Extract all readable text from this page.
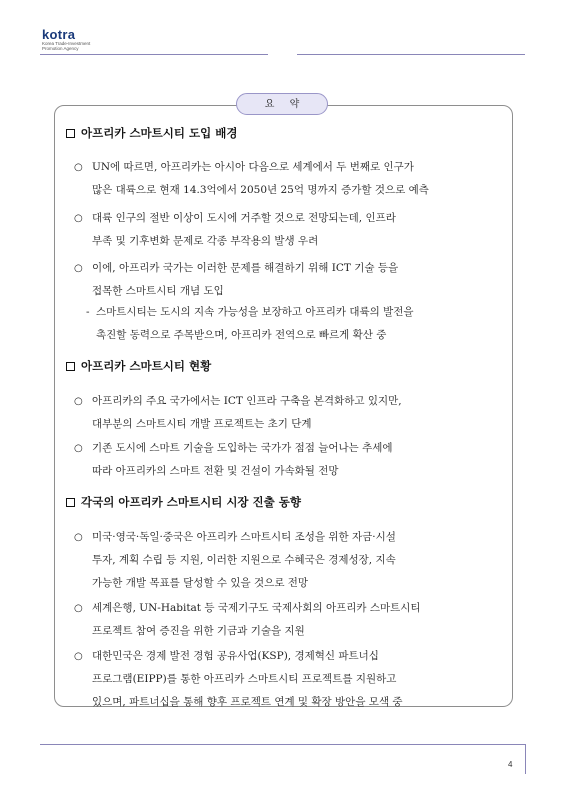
kotra
Korea Trade-Investment Promotion Agency
요 약
아프리카 스마트시티 도입 배경
○ UN에 따르면, 아프리카는 아시아 다음으로 세계에서 두 번째로 인구가
많은 대륙으로 현재 14.3억에서 2050년 25억 명까지 증가할 것으로 예측
○ 대륙 인구의 절반 이상이 도시에 거주할 것으로 전망되는데, 인프라
부족 및 기후변화 문제로 각종 부작용의 발생 우려
○ 이에, 아프리카 국가는 이러한 문제를 해결하기 위해 ICT 기술 등을
접목한 스마트시티 개념 도입
- 스마트시티는 도시의 지속 가능성을 보장하고 아프리카 대륙의 발전을
촉진할 동력으로 주목받으며, 아프리카 전역으로 빠르게 확산 중
아프리카 스마트시티 현황
○ 아프리카의 주요 국가에서는 ICT 인프라 구축을 본격화하고 있지만,
대부분의 스마트시티 개발 프로젝트는 초기 단계
○ 기존 도시에 스마트 기술을 도입하는 국가가 점점 늘어나는 추세에
따라 아프리카의 스마트 전환 및 건설이 가속화될 전망
각국의 아프리카 스마트시티 시장 진출 동향
○ 미국·영국·독일·중국은 아프리카 스마트시티 조성을 위한 자금·시설
투자, 계획 수립 등 지원, 이러한 지원으로 수혜국은 경제성장, 지속
가능한 개발 목표를 달성할 수 있을 것으로 전망
○ 세계은행, UN-Habitat 등 국제기구도 국제사회의 아프리카 스마트시티
프로젝트 참여 증진을 위한 기금과 기술을 지원
○ 대한민국은 경제 발전 경험 공유사업(KSP), 경제혁신 파트너십
프로그램(EIPP)를 통한 아프리카 스마트시티 프로젝트를 지원하고
있으며, 파트너십을 통해 향후 프로젝트 연계 및 확장 방안을 모색 중
4
